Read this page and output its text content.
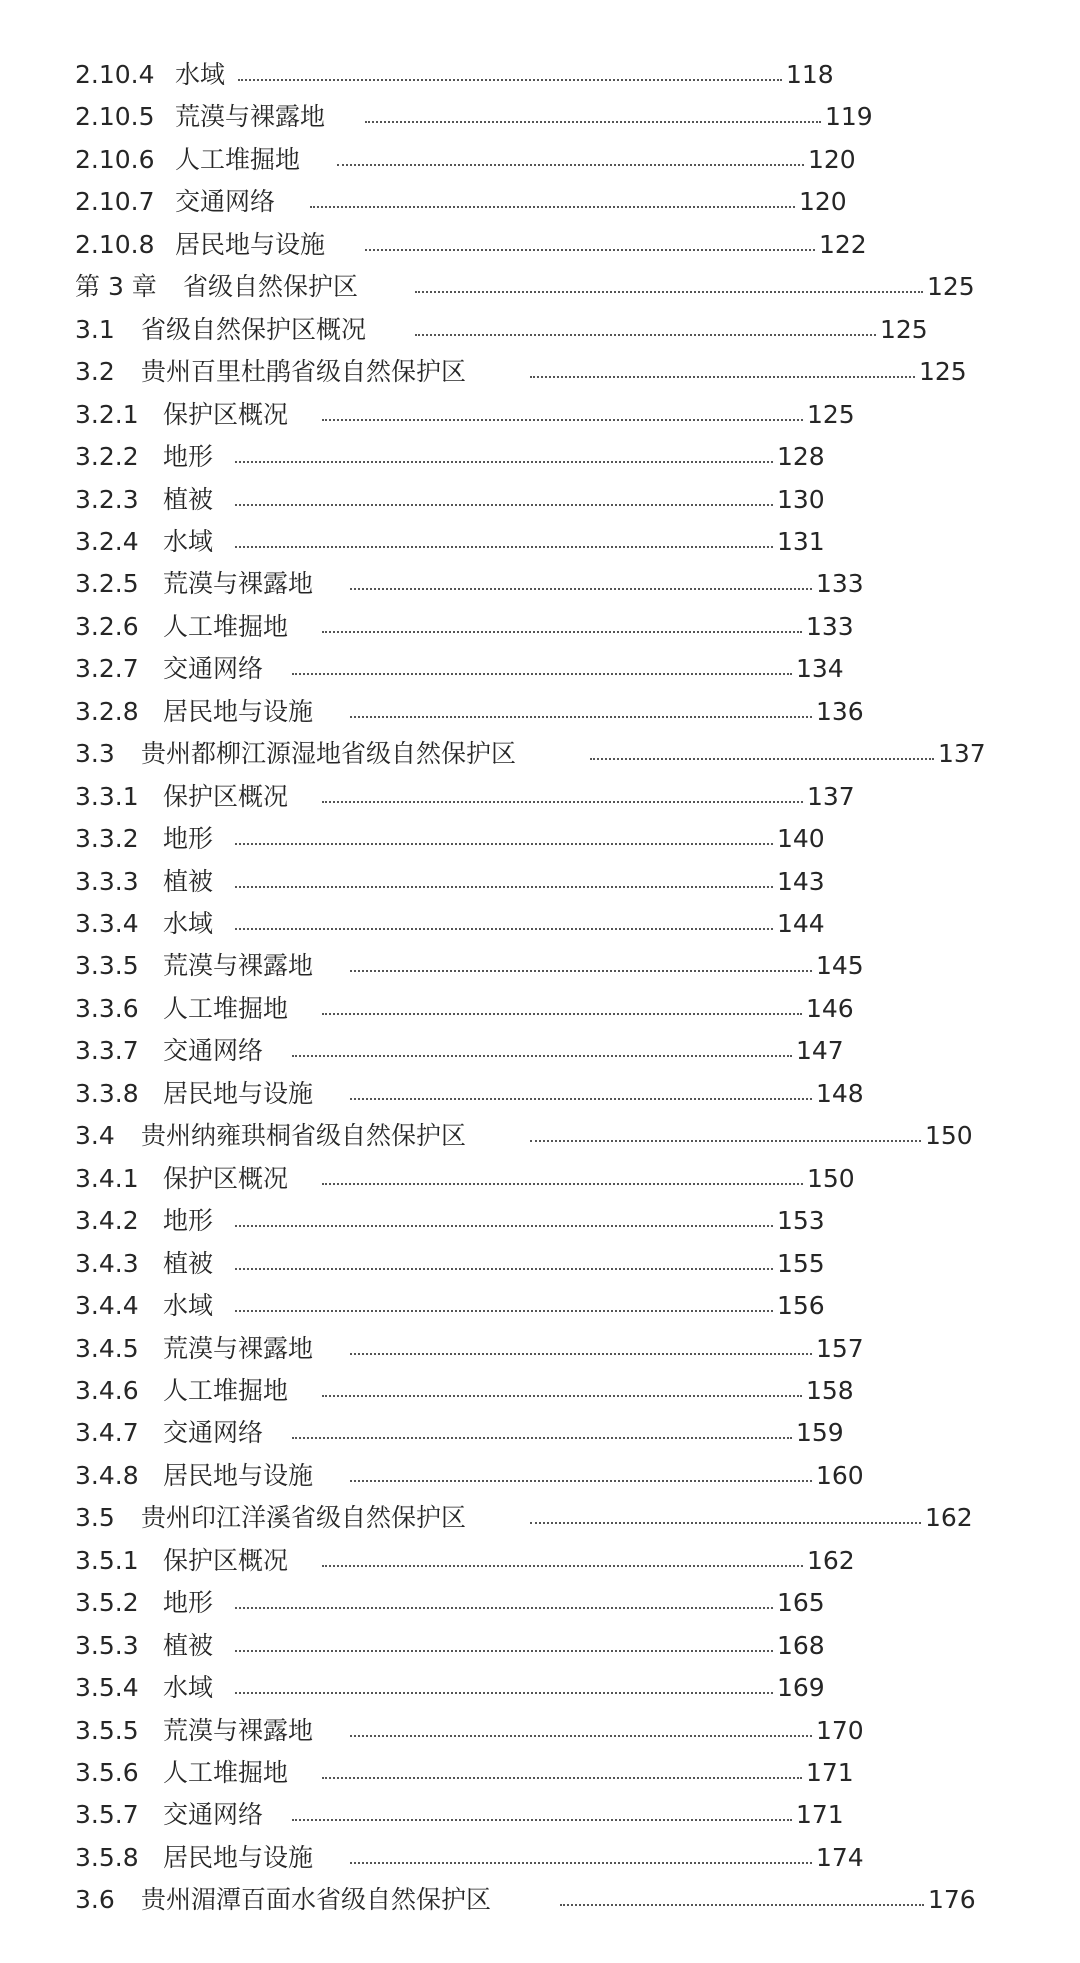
2.10.4 水域	118
2.10.5 荒漠与裸露地	119
2.10.6 人工堆掘地	120
2.10.7 交通网络	120
2.10.8 居民地与设施	122
第 3 章 省级自然保护区	125
3.1 省级自然保护区概况	125
3.2 贵州百里杜鹃省级自然保护区	125
3.2.1 保护区概况	125
3.2.2 地形	128
3.2.3 植被	130
3.2.4 水域	131
3.2.5 荒漠与裸露地	133
3.2.6 人工堆掘地	133
3.2.7 交通网络	134
3.2.8 居民地与设施	136
3.3 贵州都柳江源湿地省级自然保护区	137
3.3.1 保护区概况	137
3.3.2 地形	140
3.3.3 植被	143
3.3.4 水域	144
3.3.5 荒漠与裸露地	145
3.3.6 人工堆掘地	146
3.3.7 交通网络	147
3.3.8 居民地与设施	148
3.4 贵州纳雍珙桐省级自然保护区	150
3.4.1 保护区概况	150
3.4.2 地形	153
3.4.3 植被	155
3.4.4 水域	156
3.4.5 荒漠与裸露地	157
3.4.6 人工堆掘地	158
3.4.7 交通网络	159
3.4.8 居民地与设施	160
3.5 贵州印江洋溪省级自然保护区	162
3.5.1 保护区概况	162
3.5.2 地形	165
3.5.3 植被	168
3.5.4 水域	169
3.5.5 荒漠与裸露地	170
3.5.6 人工堆掘地	171
3.5.7 交通网络	171
3.5.8 居民地与设施	174
3.6 贵州湄潭百面水省级自然保护区	176
